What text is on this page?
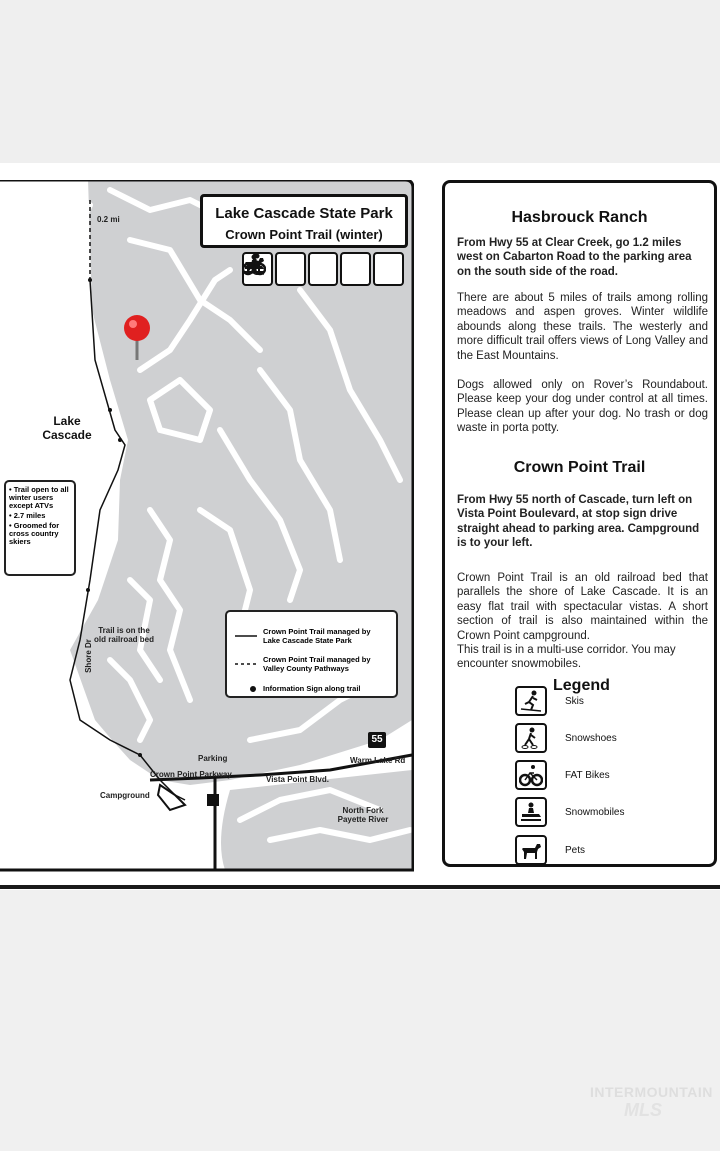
0.2 mi
Lake
Cascade
Lake Cascade State Park
Crown Point Trail (winter)
• Trail open to all winter users except ATVs
• 2.7 miles
• Groomed for cross country skiers
Trail is on the
old railroad bed
Shore Dr
Crown Point Trail managed by
Lake Cascade State Park
Crown Point Trail managed by
Valley County Pathways
Information Sign along trail
55
Warm Lake Rd
Parking
Crown Point Parkway
Campground
Vista Point Blvd.
North Fork
Payette River
Hasbrouck Ranch
From Hwy 55 at Clear Creek, go 1.2 miles west on Cabarton Road to the parking area on the south side of the road.
There are about 5 miles of trails among rolling meadows and aspen groves. Winter wildlife abounds along these trails. The westerly and more difficult trail offers views of Long Valley and the East Mountains.
Dogs allowed only on Rover’s Roundabout. Please keep your dog under control at all times. Please clean up after your dog. No trash or dog waste in porta potty.
Crown Point Trail
From Hwy 55 north of Cascade, turn left on Vista Point Boulevard, at stop sign drive straight ahead to parking area. Campground is to your left.
Crown Point Trail is an old railroad bed that parallels the shore of Lake Cascade. It is an easy flat trail with spectacular vistas. A short section of trail is also maintained within the Crown Point campground.
This trail is in a multi-use corridor. You may encounter snowmobiles.
Legend
Skis
Snowshoes
FAT Bikes
Snowmobiles
Pets
INTERMOUNTAIN
MLS
